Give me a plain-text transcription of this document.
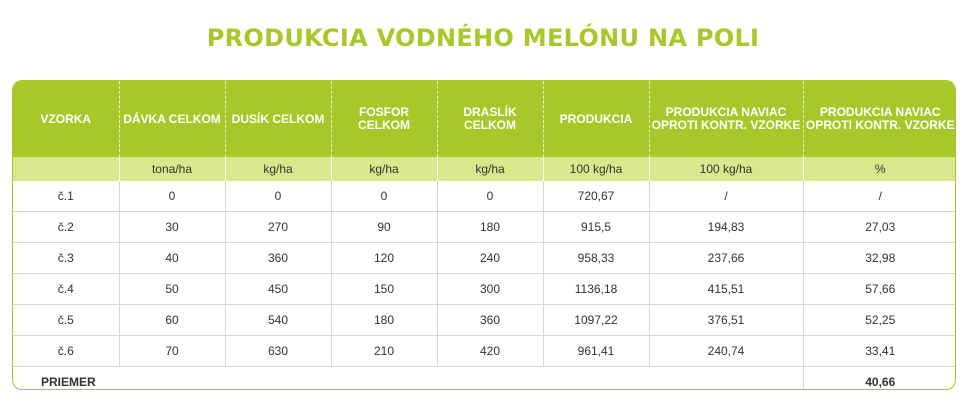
PRODUKCIA VODNÉHO MELÓNU NA POLI
VZORKA	DÁVKA CELKOM	DUSÍK CELKOM	FOSFOR CELKOM	DRASLÍK CELKOM	PRODUKCIA	PRODUKCIA NAVIAC OPROTI KONTR. VZORKE	PRODUKCIA NAVIAC OPROTI KONTR. VZORKE
	tona/ha	kg/ha	kg/ha	kg/ha	100 kg/ha	100 kg/ha	%
č.1	0	0	0	0	720,67	/	/
č.2	30	270	90	180	915,5	194,83	27,03
č.3	40	360	120	240	958,33	237,66	32,98
č.4	50	450	150	300	1136,18	415,51	57,66
č.5	60	540	180	360	1097,22	376,51	52,25
č.6	70	630	210	420	961,41	240,74	33,41
PRIEMER							40,66
